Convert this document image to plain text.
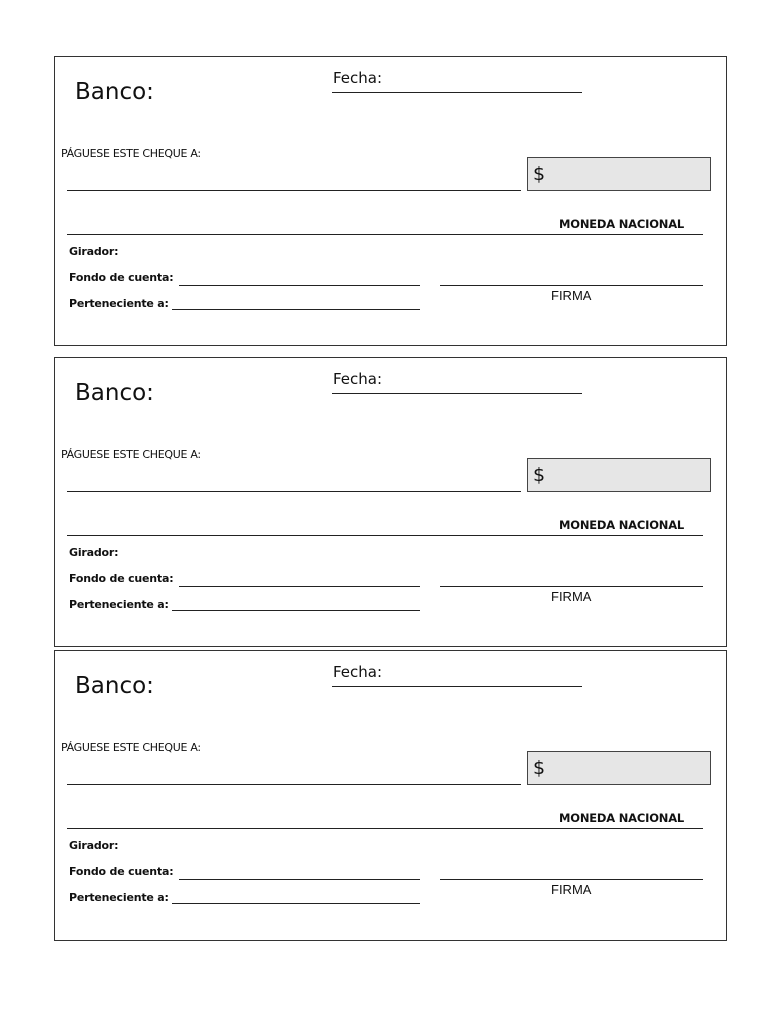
Banco:
Fecha:
PÁGUESE ESTE CHEQUE A:
$
MONEDA NACIONAL
Girador:
Fondo de cuenta:
Perteneciente a:
FIRMA
Banco:
Fecha:
PÁGUESE ESTE CHEQUE A:
$
MONEDA NACIONAL
Girador:
Fondo de cuenta:
Perteneciente a:
FIRMA
Banco:
Fecha:
PÁGUESE ESTE CHEQUE A:
$
MONEDA NACIONAL
Girador:
Fondo de cuenta:
Perteneciente a:
FIRMA
